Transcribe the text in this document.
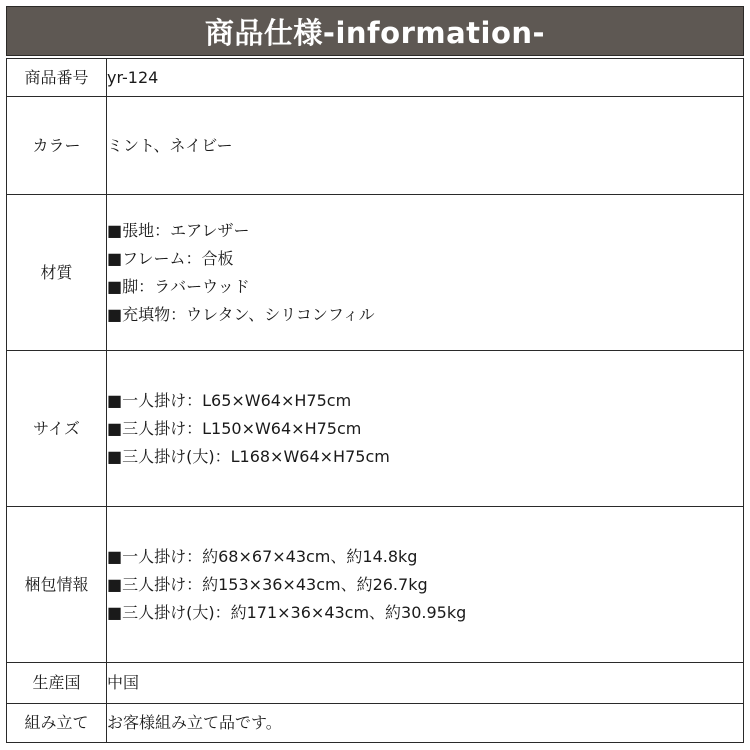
商品仕様-information-
商品番号	yr-124

カラー	ミント、ネイビー

材質	■張地：エアレザー
■フレーム：合板
■脚：ラバーウッド
■充填物：ウレタン、シリコンフィル

サイズ	■一人掛け：L65×W64×H75cm
■三人掛け：L150×W64×H75cm
■三人掛け(大)：L168×W64×H75cm

梱包情報	■一人掛け：約68×67×43cm、約14.8kg
■三人掛け：約153×36×43cm、約26.7kg
■三人掛け(大)：約171×36×43cm、約30.95kg

生産国	中国

組み立て	お客様組み立て品です。
